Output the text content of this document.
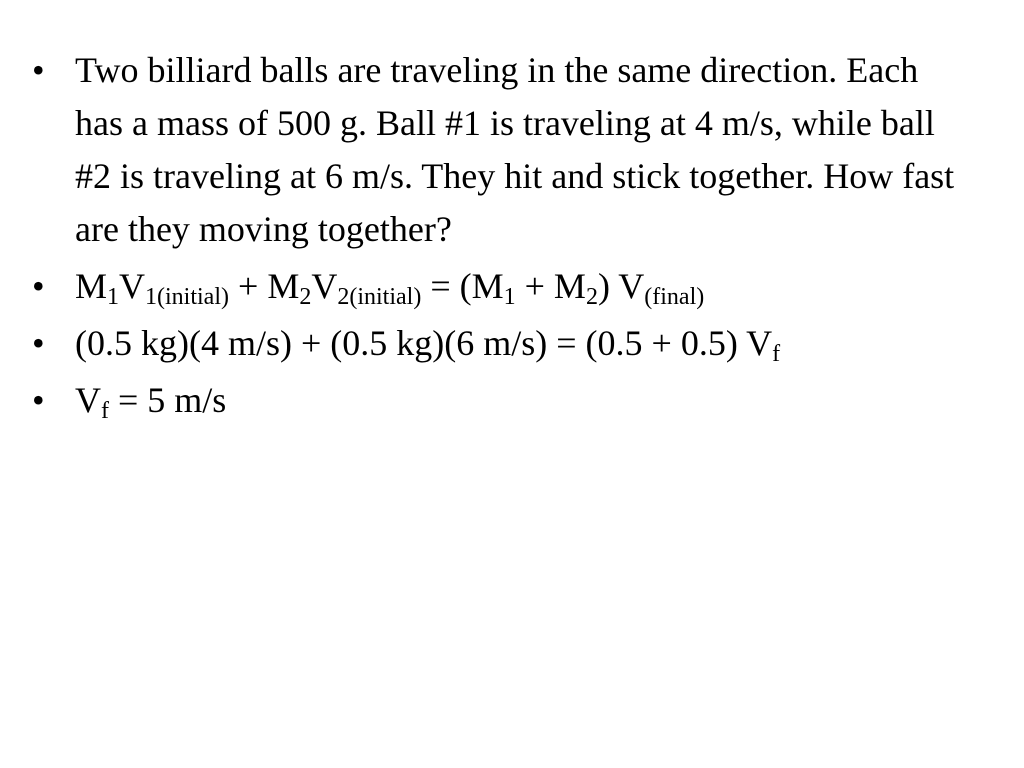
• Two billiard balls are traveling in the same direction. Each has a mass of 500 g. Ball #1 is traveling at 4 m/s, while ball #2 is traveling at 6 m/s. They hit and stick together. How fast are they moving together?
• $M_1V_{1(initial)} + M_2V_{2(initial)} = (M_1 + M_2)$ $V_{(final)}$
• (0.5 kg)(4 m/s) + (0.5 kg)(6 m/s) = (0.5 + 0.5) $V_f$
• $V_f = 5$ m/s
